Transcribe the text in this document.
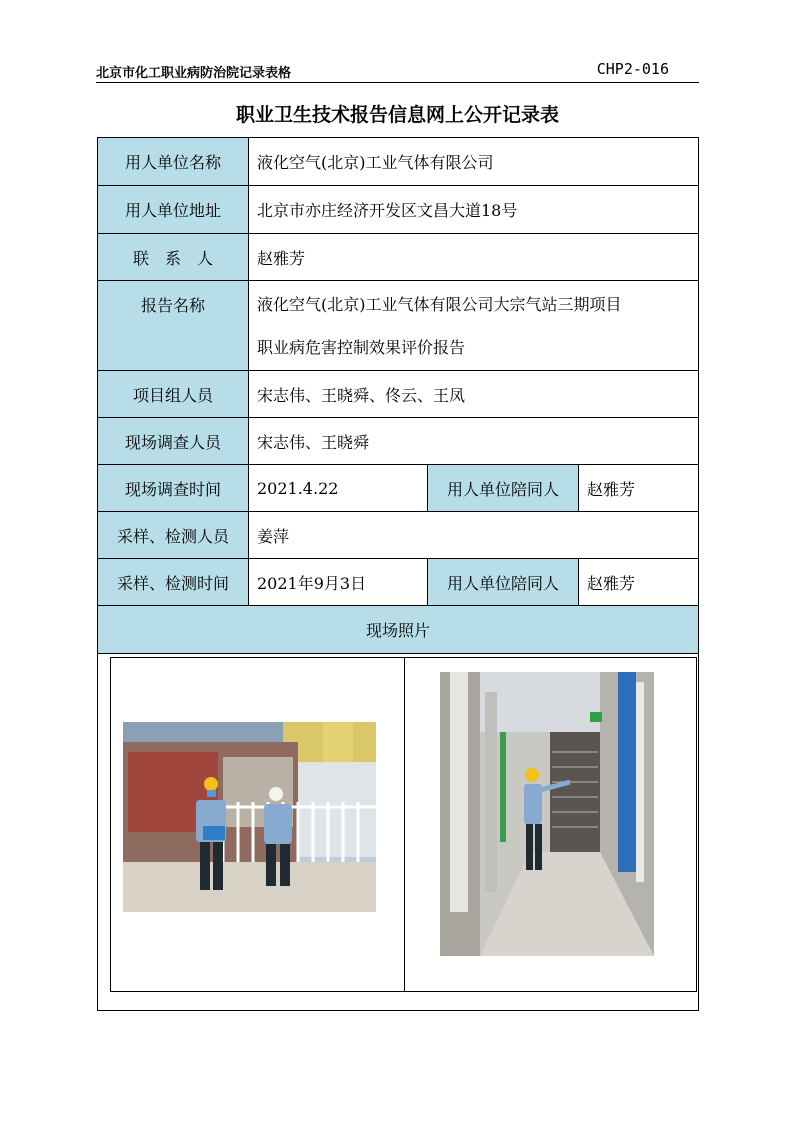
北京市化工职业病防治院记录表格	CHP2-016
职业卫生技术报告信息网上公开记录表
用人单位名称	液化空气(北京)工业气体有限公司		
用人单位地址	北京市亦庄经济开发区文昌大道18号		
联　系　人	赵雅芳		
报告名称	液化空气(北京)工业气体有限公司大宗气站三期项目
职业病危害控制效果评价报告		

项目组人员	宋志伟、王晓舜、佟云、王凤		
现场调查人员	宋志伟、王晓舜		
现场调查时间	2021.4.22	用人单位陪同人	赵雅芳
采样、检测人员	姜萍		
采样、检测时间	2021年9月3日	用人单位陪同人	赵雅芳
现场照片			
